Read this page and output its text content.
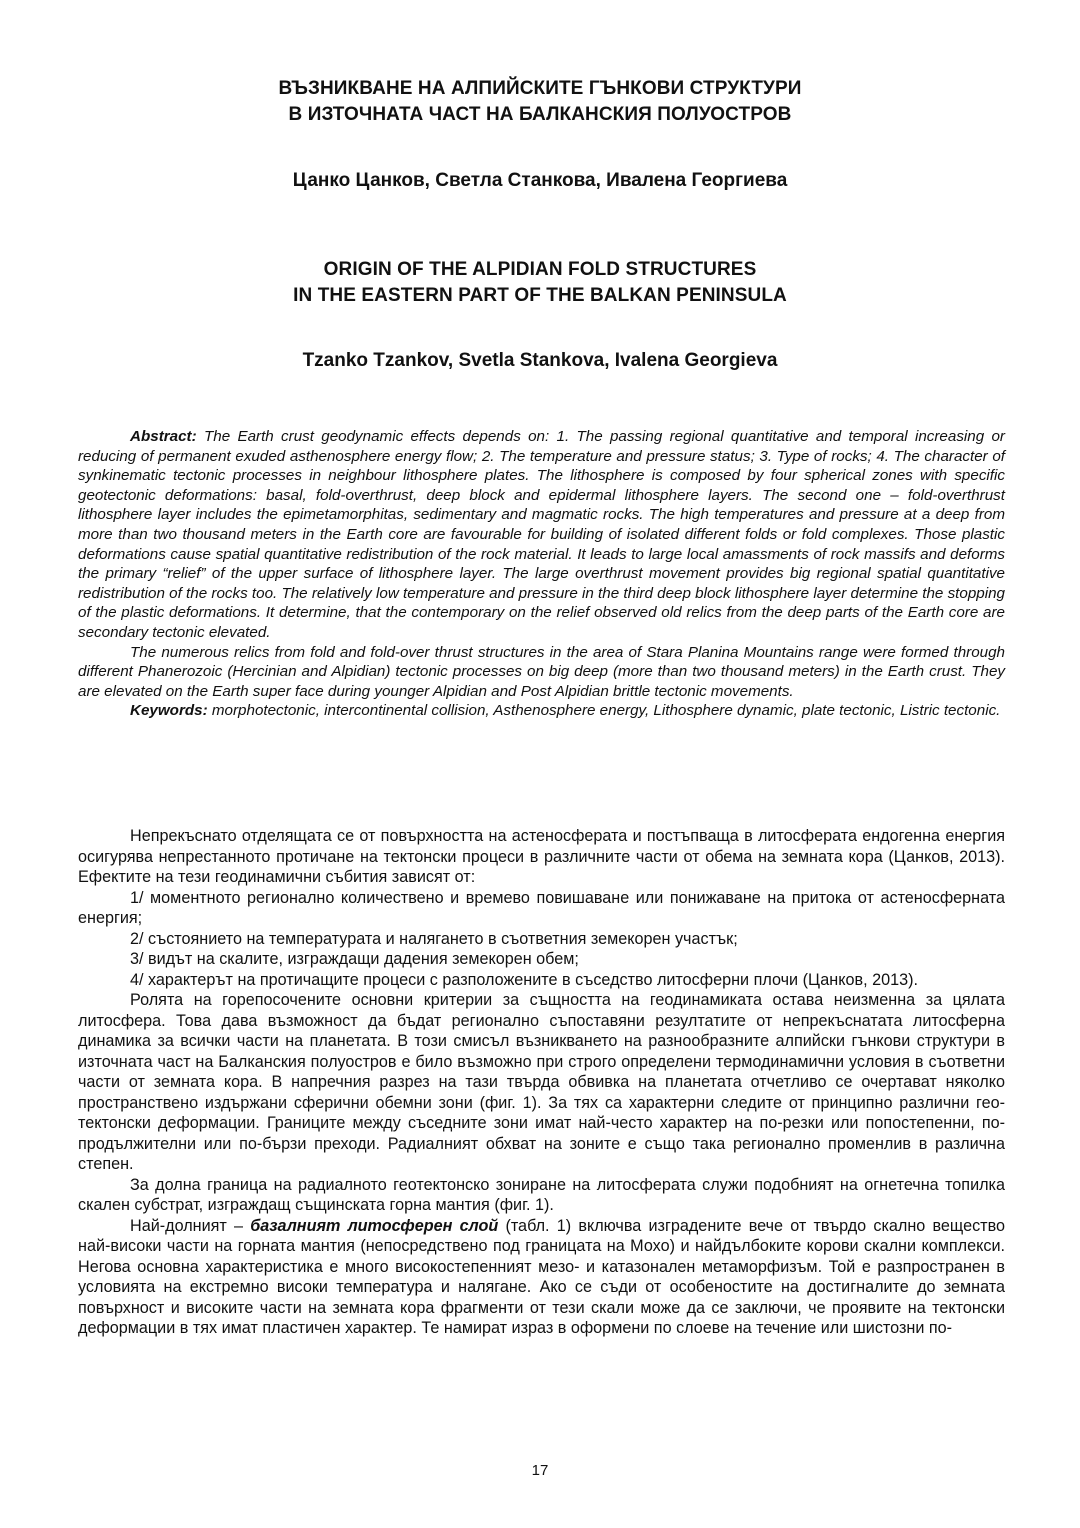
ВЪЗНИКВАНЕ НА АЛПИЙСКИТЕ ГЪНКОВИ СТРУКТУРИ
В ИЗТОЧНАТА ЧАСТ НА БАЛКАНСКИЯ ПОЛУОСТРОВ
Цанко Цанков, Светла Станкова, Ивалена Георгиева
ORIGIN OF THE ALPIDIAN FOLD STRUCTURES
IN THE EASTERN PART OF THE BALKAN PENINSULA
Tzanko Tzankov, Svetla Stankova, Ivalena Georgieva

Abstract: The Earth crust geodynamic effects depends on: 1. The passing regional quantitative and temporal increasing or reducing of permanent exuded asthenosphere energy flow; 2. The temperature and pressure status; 3. Type of rocks; 4. The character of synkinematic tectonic processes in neighbour lithosphere plates. The lithosphere is composed by four spherical zones with specific geotectonic deformations: basal, fold-overthrust, deep block and epidermal lithosphere layers. The second one – fold-overthrust lithosphere layer includes the epimetamorphitas, sedimentary and magmatic rocks. The high temperatures and pressure at a deep from more than two thousand meters in the Earth core are favourable for building of isolated different folds or fold complexes. Those plastic deformations cause spatial quantitative redistribution of the rock material. It leads to large local amassments of rock massifs and deforms the primary “relief” of the upper surface of lithosphere layer. The large overthrust movement provides big regional spatial quantitative redistribution of the rocks too. The relatively low temperature and pressure in the third deep block lithosphere layer determine the stopping of the plastic deformations. It determine, that the contemporary on the relief observed old relics from the deep parts of the Earth core are secondary tectonic elevated.

The numerous relics from fold and fold-over thrust structures in the area of Stara Planina Mountains range were formed through different Phanerozoic (Hercinian and Alpidian) tectonic processes on big deep (more than two thousand meters) in the Earth crust. They are elevated on the Earth super face during younger Alpidian and Post Alpidian brittle tectonic movements.

Keywords: morphotectonic, intercontinental collision, Asthenosphere energy, Lithosphere dynamic, plate tectonic, Listric tectonic.

Непрекъснато отделящата се от повърхността на астеносферата и постъпваща в литосферата ендогенна енергия осигурява непрестанното протичане на тектонски процеси в различните части от обема на земната кора (Цанков, 2013). Ефектите на тези геодинамични събития зависят от:

1/ моментното регионално количествено и времево повишаване или понижаване на притока от астеносферната енергия;

2/ състоянието на температурата и налягането в съответния земекорен участък;

3/ видът на скалите, изграждащи дадения земекорен обем;

4/ характерът на протичащите процеси с разположените в съседство литосферни плочи (Цанков, 2013).

Ролята на горепосочените основни критерии за същността на геодинамиката остава неизменна за цялата литосфера. Това дава възможност да бъдат регионално съпоставяни резултатите от непрекъснатата литосферна динамика за всички части на планетата. В този смисъл възникването на разнообразните алпийски гънкови структури в източната част на Балканския полуостров е било възможно при строго определени термодинамични условия в съответни части от земната кора. В напречния разрез на тази твърда обвивка на планетата отчетливо се очертават няколко пространствено издържани сферични обемни зони (фиг. 1). За тях са характерни следите от принципно различни геотектонски деформации. Границите между съседните зони имат най-често характер на по-резки или попостепенни, по-продължителни или по-бързи преходи. Радиалният обхват на зоните е също така регионално променлив в различна степен.

За долна граница на радиалното геотектонско зониране на литосферата служи подобният на огнетечна топилка скален субстрат, изграждащ същинската горна мантия (фиг. 1).

Най-долният – базалният литосферен слой (табл. 1) включва изградените вече от твърдо скално вещество най-високи части на горната мантия (непосредствено под границата на Мохо) и найдълбоките корови скални комплекси. Негова основна характеристика е много високостепенният мезо- и катазонален метаморфизъм. Той е разпространен в условията на екстремно високи температура и налягане. Ако се съди от особеностите на достигналите до земната повърхност и високите части на земната кора фрагменти от тези скали може да се заключи, че проявите на тектонски деформации в тях имат пластичен характер. Те намират израз в оформени по слоеве на течение или шистозни по-

17
